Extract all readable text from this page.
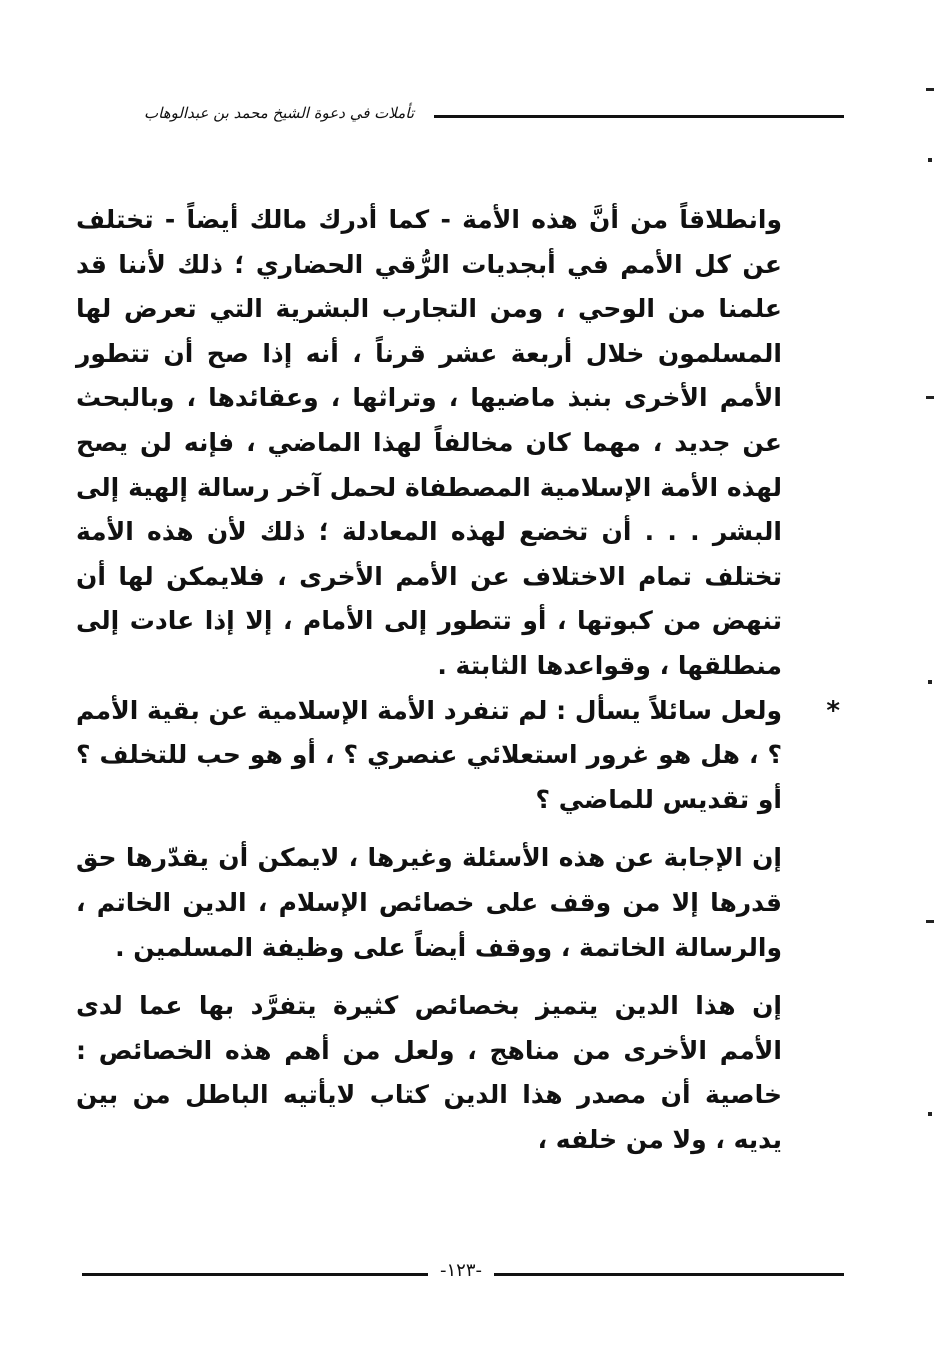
تأملات في دعوة الشيخ محمد بن عبدالوهاب

وانطلاقاً من أنَّ هذه الأمة - كما أدرك مالك أيضاً - تختلف عن كل الأمم في أبجديات الرُّقي الحضاري ؛ ذلك لأننا قد علمنا من الوحي ، ومن التجارب البشرية التي تعرض لها المسلمون خلال أربعة عشر قرناً ، أنه إذا صح أن تتطور الأمم الأخرى بنبذ ماضيها ، وتراثها ، وعقائدها ، وبالبحث عن جديد ، مهما كان مخالفاً لهذا الماضي ، فإنه لن يصح لهذه الأمة الإسلامية المصطفاة لحمل آخر رسالة إلهية إلى البشر . . . أن تخضع لهذه المعادلة ؛ ذلك لأن هذه الأمة تختلف تمام الاختلاف عن الأمم الأخرى ، فلايمكن لها أن تنهض من كبوتها ، أو تتطور إلى الأمام ، إلا إذا عادت إلى منطلقها ، وقواعدها الثابتة .

*
ولعل سائلاً يسأل : لم تنفرد الأمة الإسلامية عن بقية الأمم ؟ ، هل هو غرور استعلائي عنصري ؟ ، أو هو حب للتخلف ؟ أو تقديس للماضي ؟

إن الإجابة عن هذه الأسئلة وغيرها ، لايمكن أن يقدّرها حق قدرها إلا من وقف على خصائص الإسلام ، الدين الخاتم ، والرسالة الخاتمة ، ووقف أيضاً على وظيفة المسلمين .

إن هذا الدين يتميز بخصائص كثيرة يتفرَّد بها عما لدى الأمم الأخرى من مناهج ، ولعل من أهم هذه الخصائص : خاصية أن مصدر هذا الدين كتاب لايأتيه الباطل من بين يديه ، ولا من خلفه ،

-١٢٣-
